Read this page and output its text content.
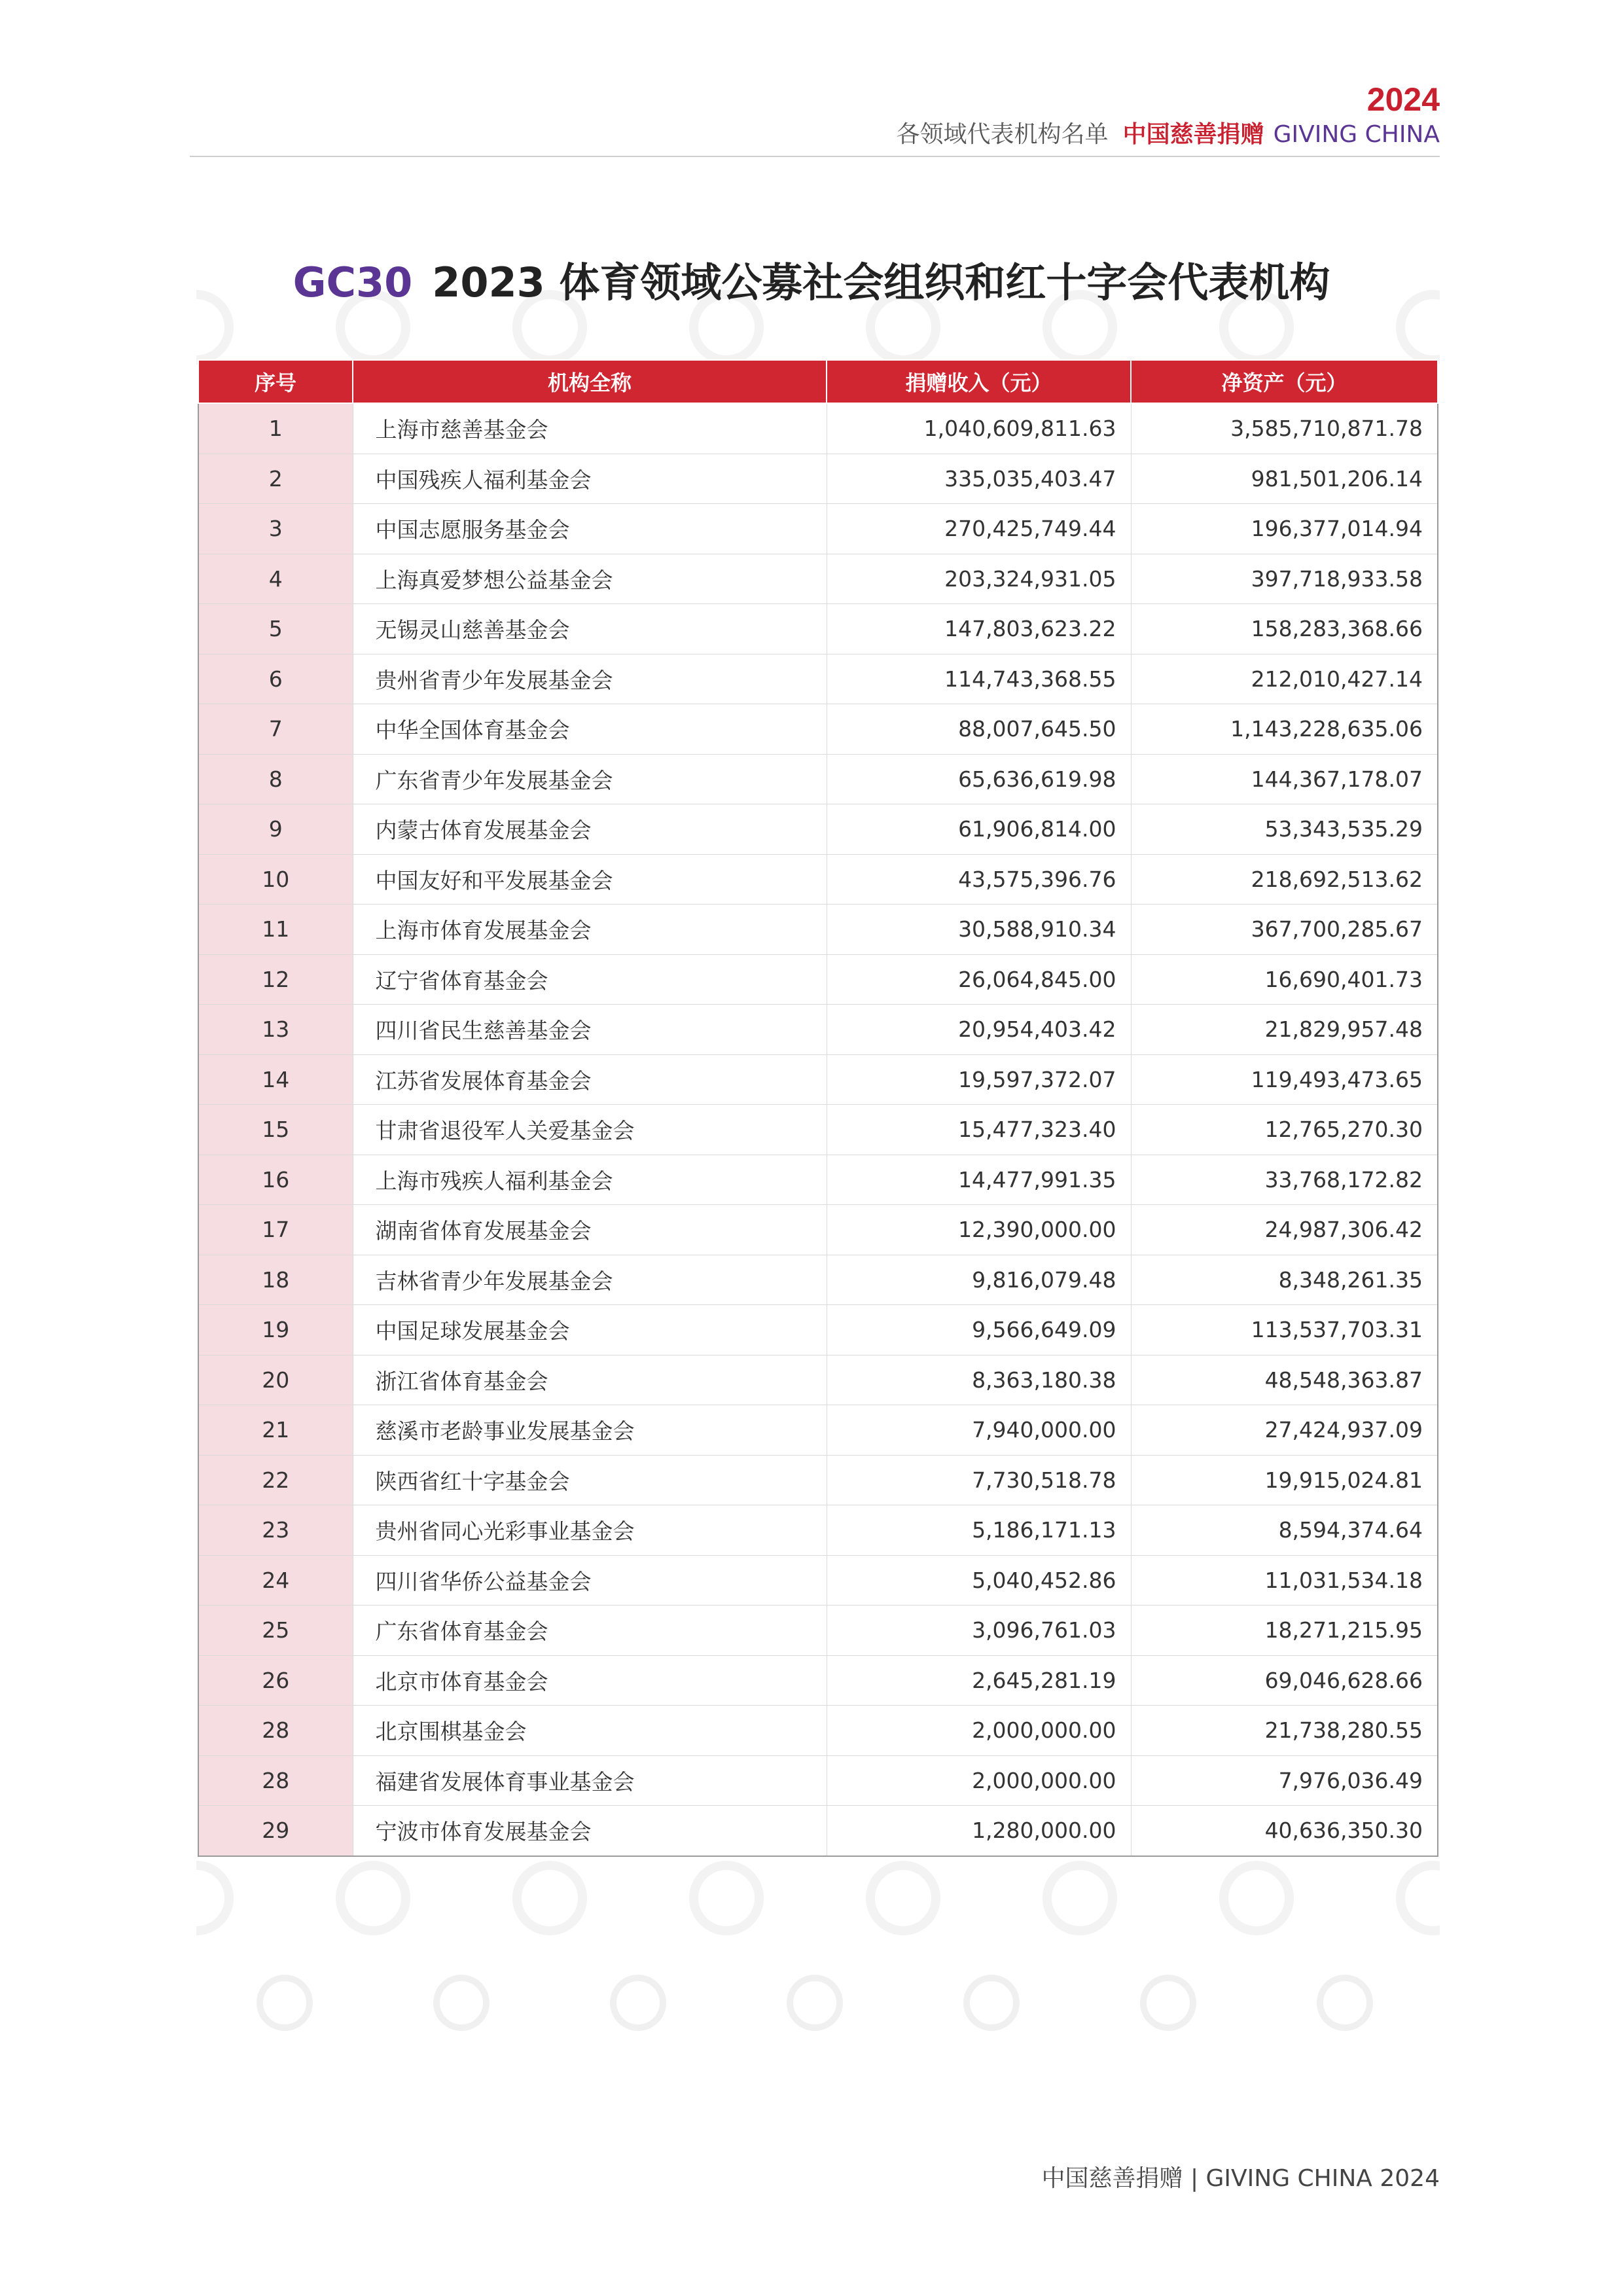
2024
各领域代表机构名单 中国慈善捐赠 GIVING CHINA
GC30 2023 体育领域公募社会组织和红十字会代表机构
序号	机构全称	捐赠收入（元）	净资产（元）
1	上海市慈善基金会	1,040,609,811.63	3,585,710,871.78
2	中国残疾人福利基金会	335,035,403.47	981,501,206.14
3	中国志愿服务基金会	270,425,749.44	196,377,014.94
4	上海真爱梦想公益基金会	203,324,931.05	397,718,933.58
5	无锡灵山慈善基金会	147,803,623.22	158,283,368.66
6	贵州省青少年发展基金会	114,743,368.55	212,010,427.14
7	中华全国体育基金会	88,007,645.50	1,143,228,635.06
8	广东省青少年发展基金会	65,636,619.98	144,367,178.07
9	内蒙古体育发展基金会	61,906,814.00	53,343,535.29
10	中国友好和平发展基金会	43,575,396.76	218,692,513.62
11	上海市体育发展基金会	30,588,910.34	367,700,285.67
12	辽宁省体育基金会	26,064,845.00	16,690,401.73
13	四川省民生慈善基金会	20,954,403.42	21,829,957.48
14	江苏省发展体育基金会	19,597,372.07	119,493,473.65
15	甘肃省退役军人关爱基金会	15,477,323.40	12,765,270.30
16	上海市残疾人福利基金会	14,477,991.35	33,768,172.82
17	湖南省体育发展基金会	12,390,000.00	24,987,306.42
18	吉林省青少年发展基金会	9,816,079.48	8,348,261.35
19	中国足球发展基金会	9,566,649.09	113,537,703.31
20	浙江省体育基金会	8,363,180.38	48,548,363.87
21	慈溪市老龄事业发展基金会	7,940,000.00	27,424,937.09
22	陕西省红十字基金会	7,730,518.78	19,915,024.81
23	贵州省同心光彩事业基金会	5,186,171.13	8,594,374.64
24	四川省华侨公益基金会	5,040,452.86	11,031,534.18
25	广东省体育基金会	3,096,761.03	18,271,215.95
26	北京市体育基金会	2,645,281.19	69,046,628.66
28	北京围棋基金会	2,000,000.00	21,738,280.55
28	福建省发展体育事业基金会	2,000,000.00	7,976,036.49
29	宁波市体育发展基金会	1,280,000.00	40,636,350.30
中国慈善捐赠 | GIVING CHINA 2024
